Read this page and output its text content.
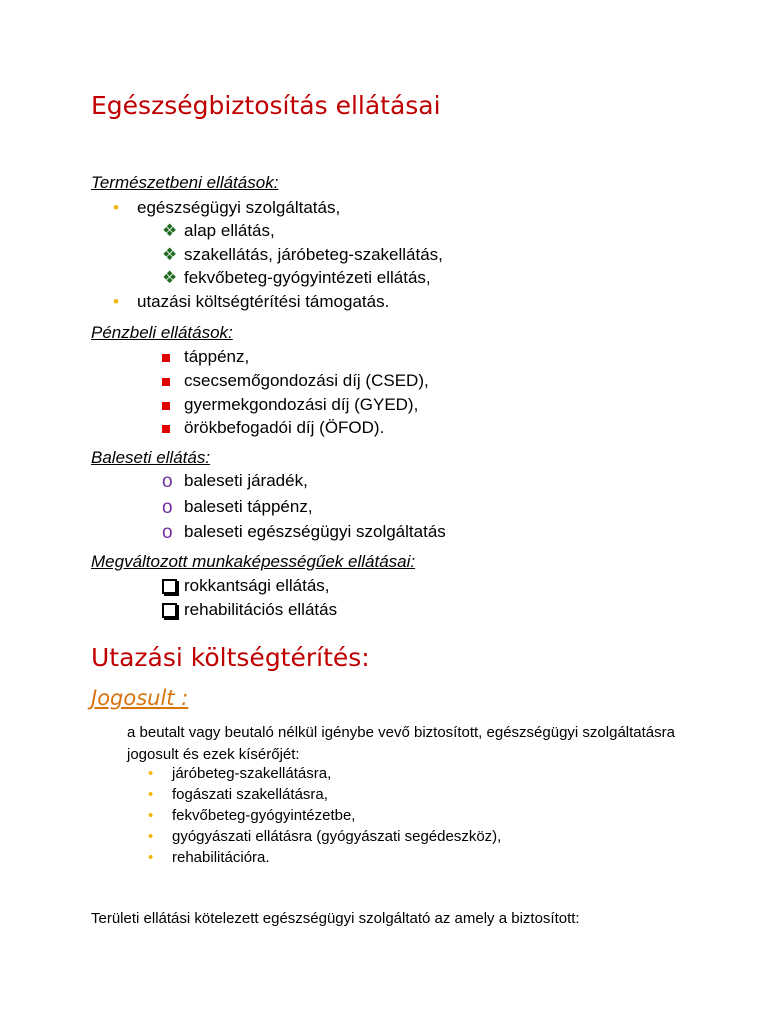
Egészségbiztosítás ellátásai
Természetbeni ellátások:
• egészségügyi szolgáltatás,
❖ alap ellátás,
❖ szakellátás, járóbeteg-szakellátás,
❖ fekvőbeteg-gyógyintézeti ellátás,
• utazási költségtérítési támogatás.
Pénzbeli ellátások:
táppénz,
csecsemőgondozási díj (CSED),
gyermekgondozási díj (GYED),
örökbefogadói díj (ÖFOD).
Baleseti ellátás:
o baleseti járadék,
o baleseti táppénz,
o baleseti egészségügyi szolgáltatás
Megváltozott munkaképességűek ellátásai:
rokkantsági ellátás,
rehabilitációs ellátás
Utazási költségtérítés:
Jogosult :
a beutalt vagy beutaló nélkül igénybe vevő biztosított, egészségügyi szolgáltatásra jogosult és ezek kísérőjét:
• járóbeteg-szakellátásra,
• fogászati szakellátásra,
• fekvőbeteg-gyógyintézetbe,
• gyógyászati ellátásra (gyógyászati segédeszköz),
• rehabilitációra.
Területi ellátási kötelezett egészségügyi szolgáltató az amely a biztosított:
